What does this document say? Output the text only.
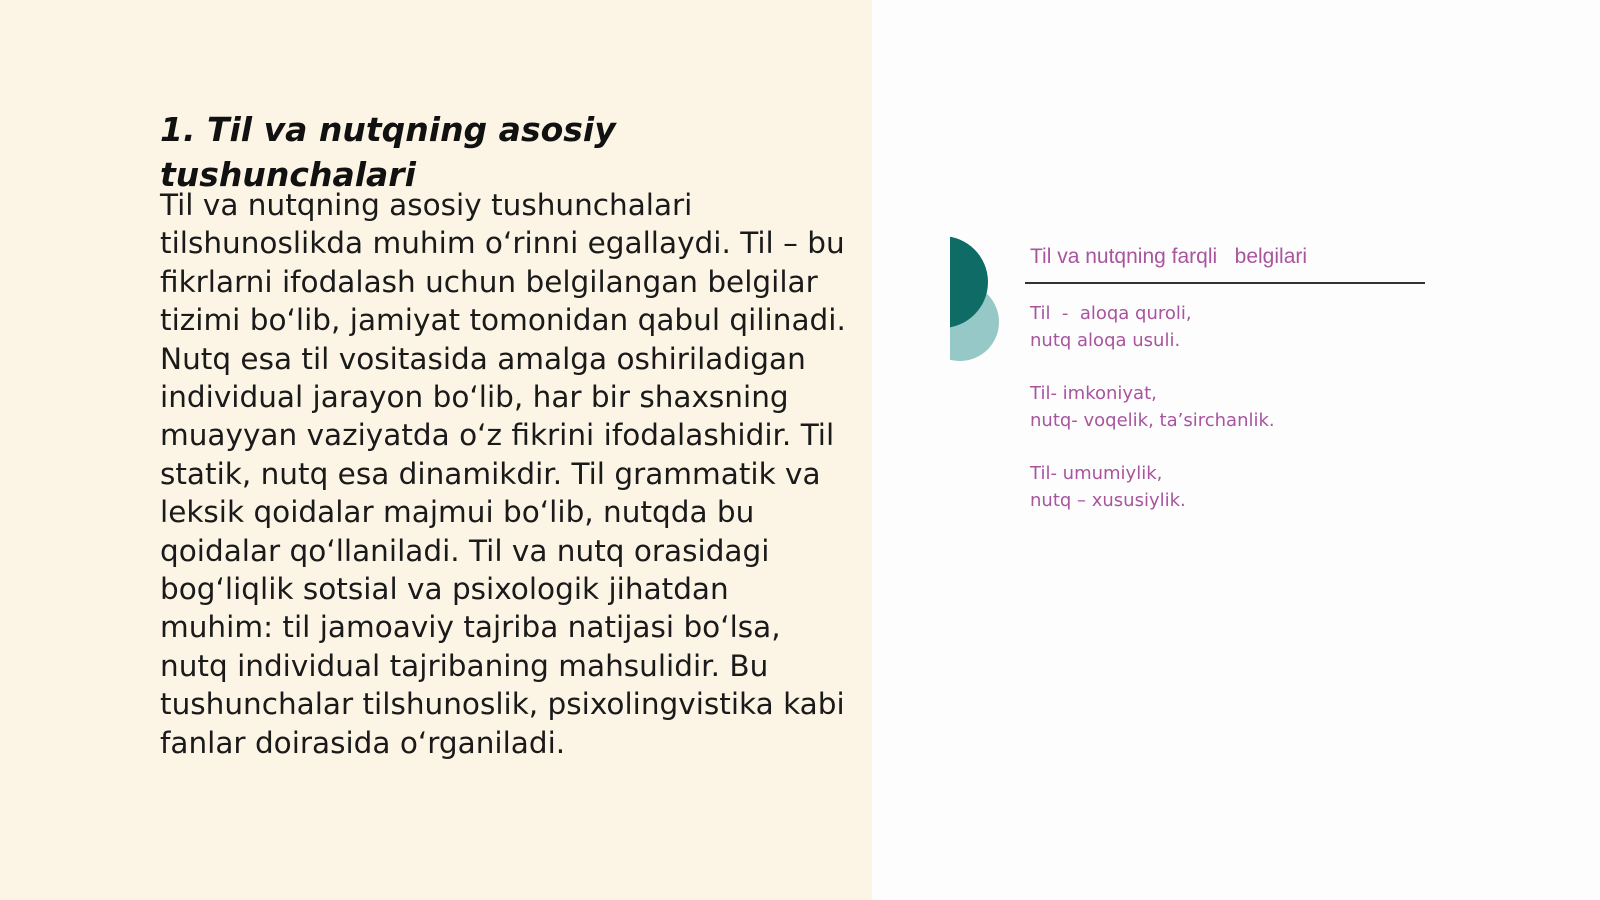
1. Til va nutqning asosiy tushunchalari

Til va nutqning asosiy tushunchalari tilshunoslikda muhim o‘rinni egallaydi. Til – bu fikrlarni ifodalash uchun belgilangan belgilar tizimi bo‘lib, jamiyat tomonidan qabul qilinadi. Nutq esa til vositasida amalga oshiriladigan individual jarayon bo‘lib, har bir shaxsning muayyan vaziyatda o‘z fikrini ifodalashidir. Til statik, nutq esa dinamikdir. Til grammatik va leksik qoidalar majmui bo‘lib, nutqda bu qoidalar qo‘llaniladi. Til va nutq orasidagi bog‘liqlik sotsial va psixologik jihatdan muhim: til jamoaviy tajriba natijasi bo‘lsa, nutq individual tajribaning mahsulidir. Bu tushunchalar tilshunoslik, psixolingvistika kabi fanlar doirasida o‘rganiladi.

Til va nutqning farqli   belgilari
Til  -  aloqa quroli,
nutq aloqa usuli.
Til- imkoniyat,
nutq- voqelik, ta’sirchanlik.
Til- umumiylik,
nutq – xususiylik.
